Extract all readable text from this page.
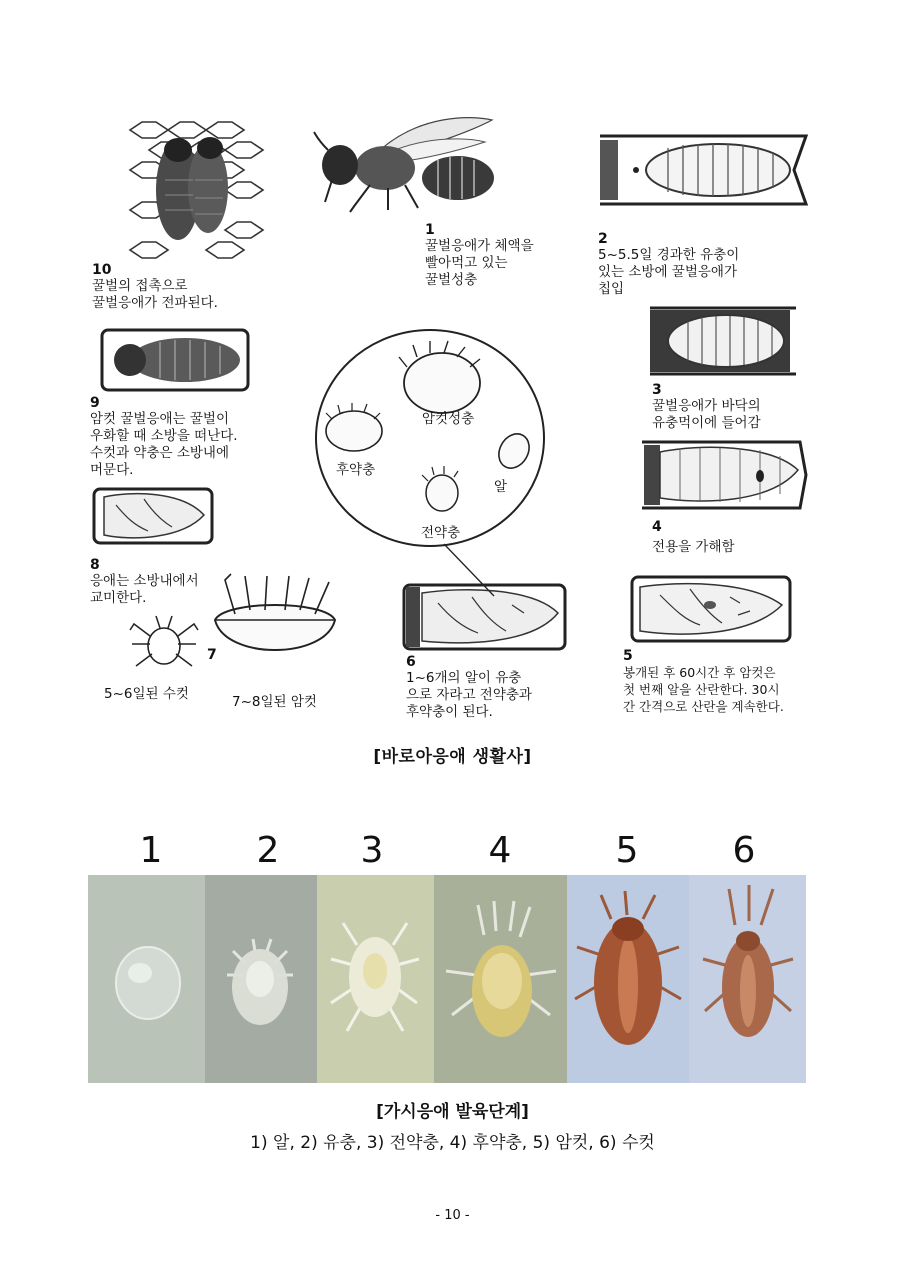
1
꿀벌응애가 체액을
빨아먹고 있는
꿀벌성충
2
5~5.5일 경과한 유충이
있는 소방에 꿀벌응애가
칩입
3
꿀벌응애가 바닥의
유충먹이에 들어감
4
전용을 가해함
5
봉개된 후 60시간 후 암컷은
첫 번째 알을 산란한다. 30시
간 간격으로 산란을 계속한다.
6
1~6개의 알이 유충
으로 자라고 전약충과
후약충이 된다.
7
7~8일된 암컷
5~6일된 수컷
8
응애는 소방내에서
교미한다.
9
암컷 꿀벌응애는 꿀벌이
우화할 때 소방을 떠난다.
수컷과 약충은 소방내에
머문다.
10
꿀벌의 접촉으로
꿀벌응애가 전파된다.
암컷성충
후약충
알
전약충
[바로아응애 생활사]
1	2	3	4	5	6
[가시응애 발육단계]
1) 알, 2) 유충, 3) 전약충, 4) 후약충, 5) 암컷, 6) 수컷
- 10 -
